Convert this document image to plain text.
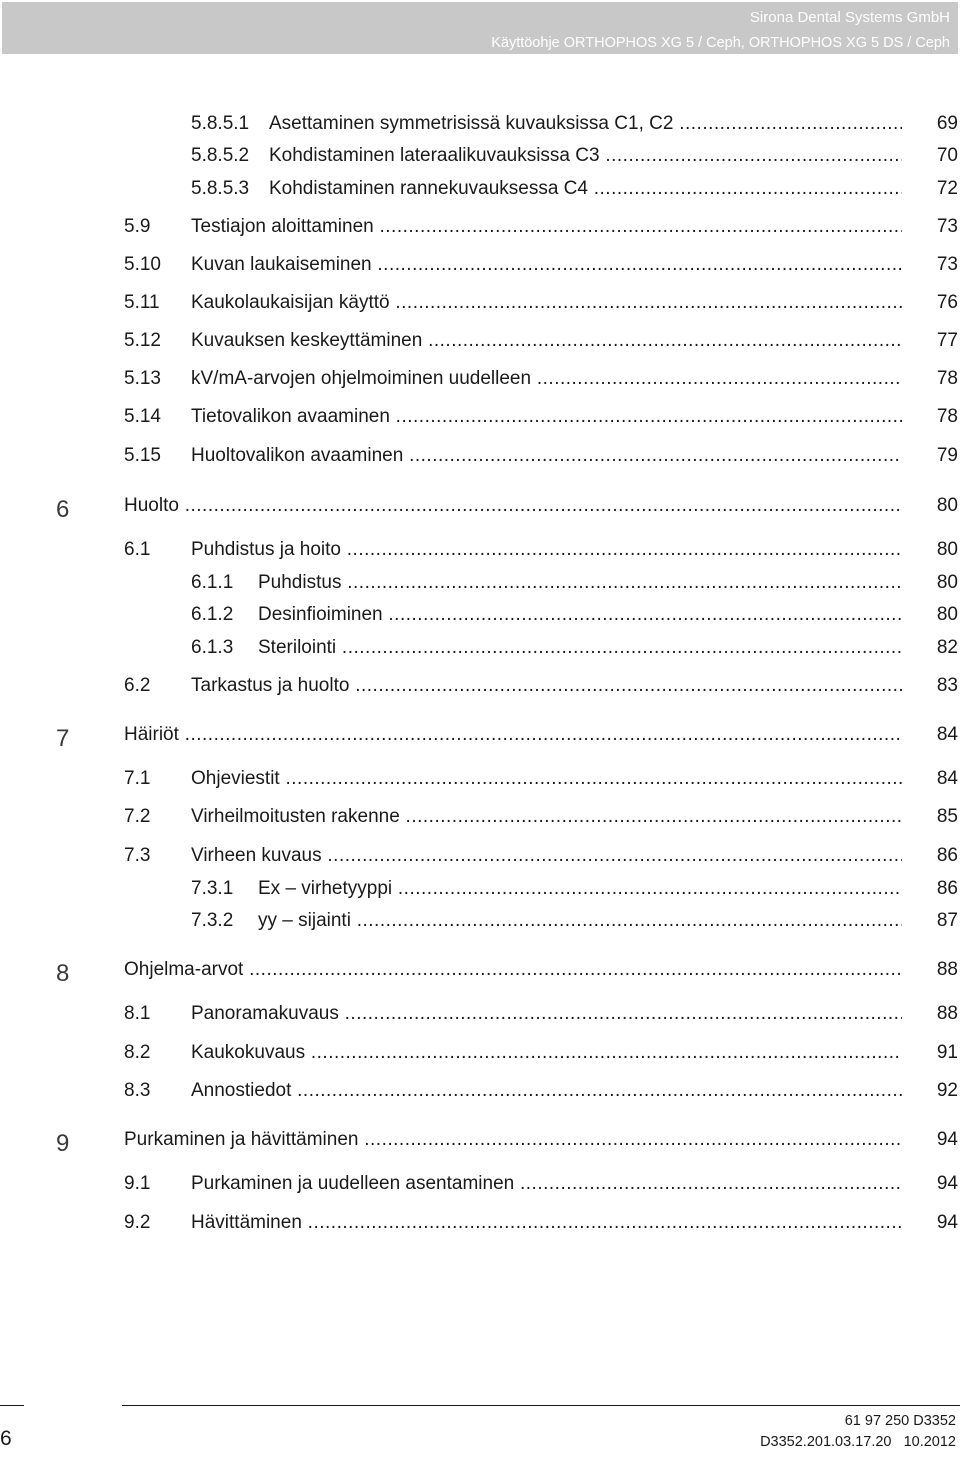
Sirona Dental Systems GmbH
Käyttöohje ORTHOPHOS XG 5 / Ceph, ORTHOPHOS XG 5 DS / Ceph
5.8.5.1 Asettaminen symmetrisissä kuvauksissa C1, C2 .....	69
5.8.5.2 Kohdistaminen lateraalikuvauksissa C3 .....	70
5.8.5.3 Kohdistaminen rannekuvauksessa C4 .....	72
5.9 Testiajon aloittaminen .....	73
5.10 Kuvan laukaiseminen .....	73
5.11 Kaukolaukaisijan käyttö .....	76
5.12 Kuvauksen keskeyttäminen .....	77
5.13 kV/mA-arvojen ohjelmoiminen uudelleen .....	78
5.14 Tietovalikon avaaminen .....	78
5.15 Huoltovalikon avaaminen .....	79
6	Huolto .....	80
6.1 Puhdistus ja hoito .....	80
6.1.1 Puhdistus .....	80
6.1.2 Desinfioiminen .....	80
6.1.3 Sterilointi .....	82
6.2 Tarkastus ja huolto .....	83
7	Häiriöt .....	84
7.1 Ohjeviestit .....	84
7.2 Virheilmoitusten rakenne .....	85
7.3 Virheen kuvaus .....	86
7.3.1 Ex – virhetyyppi .....	86
7.3.2 yy – sijainti .....	87
8	Ohjelma-arvot .....	88
8.1 Panoramakuvaus .....	88
8.2 Kaukokuvaus .....	91
8.3 Annostiedot .....	92
9	Purkaminen ja hävittäminen .....	94
9.1 Purkaminen ja uudelleen asentaminen .....	94
9.2 Hävittäminen .....	94
6
61 97 250 D3352
D3352.201.03.17.20   10.2012
